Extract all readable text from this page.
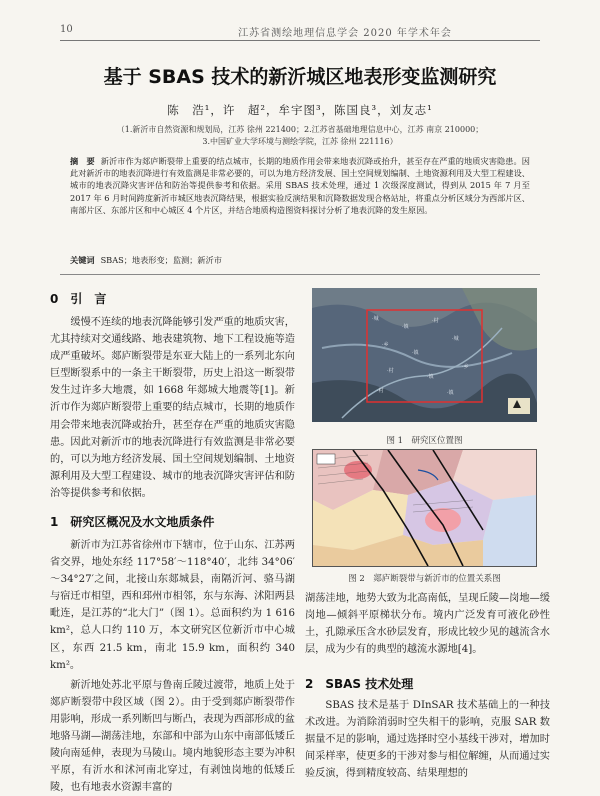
10	江苏省测绘地理信息学会 2020 年学术年会
基于 SBAS 技术的新沂城区地表形变监测研究
陈　浩¹，许　超²，牟宇图³，陈国良³，刘友志¹
（1.新沂市自然资源和规划局，江苏 徐州 221400；2.江苏省基础地理信息中心，江苏 南京 210000；
3.中国矿业大学环境与测绘学院，江苏 徐州 221116）
摘　要 新沂市作为郯庐断裂带上重要的结点城市，长期的地质作用会带来地表沉降或抬升，甚至存在严重的地质灾害隐患。因此对新沂市的地表沉降进行有效监测是非常必要的，可以为地方经济发展、国土空间规划编制、土地资源利用及大型工程建设、城市的地表沉降灾害评估和防治等提供参考和依据。采用 SBAS 技术处理，通过 1 次级深度测试，得到从 2015 年 7 月至 2017 年 6 月时间跨度新沂市城区地表沉降结果，根据实验反演结果和沉降数据发现合格站址，将重点分析区域分为西部片区、南部片区、东部片区和中心城区 4 个片区，并结合地质构造图资料探讨分析了地表沉降的发生原因。
关键词 SBAS；地表形变；监测；新沂市
0　引　言
缓慢不连续的地表沉降能够引发严重的地质灾害，尤其持续对交通线路、地表建筑物、地下工程设施等造成严重破坏。郯庐断裂带是东亚大陆上的一系列北东向巨型断裂系中的一条主干断裂带，历史上沿这一断裂带发生过许多大地震，如 1668 年郯城大地震等[1]。新沂市作为郯庐断裂带上重要的结点城市，长期的地质作用会带来地表沉降或抬升，甚至存在严重的地质灾害隐患。因此对新沂市的地表沉降进行有效监测是非常必要的，可以为地方经济发展、国土空间规划编制、土地资源利用及大型工程建设、城市的地表沉降灾害评估和防治等提供参考和依据。
1　研究区概况及水文地质条件
新沂市为江苏省徐州市下辖市，位于山东、江苏两省交界，地处东经 117°58′～118°40′，北纬 34°06′～34°27′之间，北接山东郯城县，南隔沂河、骆马湖与宿迁市相望，西和邳州市相邻，东与东海、沭阳两县毗连，是江苏的“北大门”（图 1）。总面积约为 1 616 km²，总人口约 110 万，本文研究区位新沂市中心城区，东西 21.5 km，南北 15.9 km，面积约 340 km²。
新沂地处苏北平原与鲁南丘陵过渡带，地质上处于郯庐断裂带中段区域（图 2）。由于受到郯庐断裂带作用影响，形成一系列断凹与断凸，表现为西部形成的盆地骆马湖—湖荡洼地，东部和中部为山东中南部低矮丘陵向南延伸，表现为马陵山。境内地貌形态主要为冲积平原，有沂水和沭河南北穿过，有剥蚀岗地的低矮丘陵，也有地表水资源丰富的
·城
·镇
·村
·乡
·镇
·城
·村
·镇
·乡
·村	·镇
图 1　研究区位置图
图 2　郯庐断裂带与新沂市的位置关系图
湖荡洼地，地势大致为北高南低，呈现丘陵—岗地—缓岗地—倾斜平原梯状分布。境内广泛发育可液化砂性土，孔隙承压含水砂层发育，形成比较少见的越流含水层，成为少有的典型的越流水源地[4]。
2　SBAS 技术处理
SBAS 技术是基于 DInSAR 技术基础上的一种技术改进。为消除消弱时空失相干的影响，克服 SAR 数据量不足的影响，通过选择时空小基线干涉对，增加时间采样率，使更多的干涉对参与相位解缠，从而通过实验反演，得到精度较高、结果理想的
